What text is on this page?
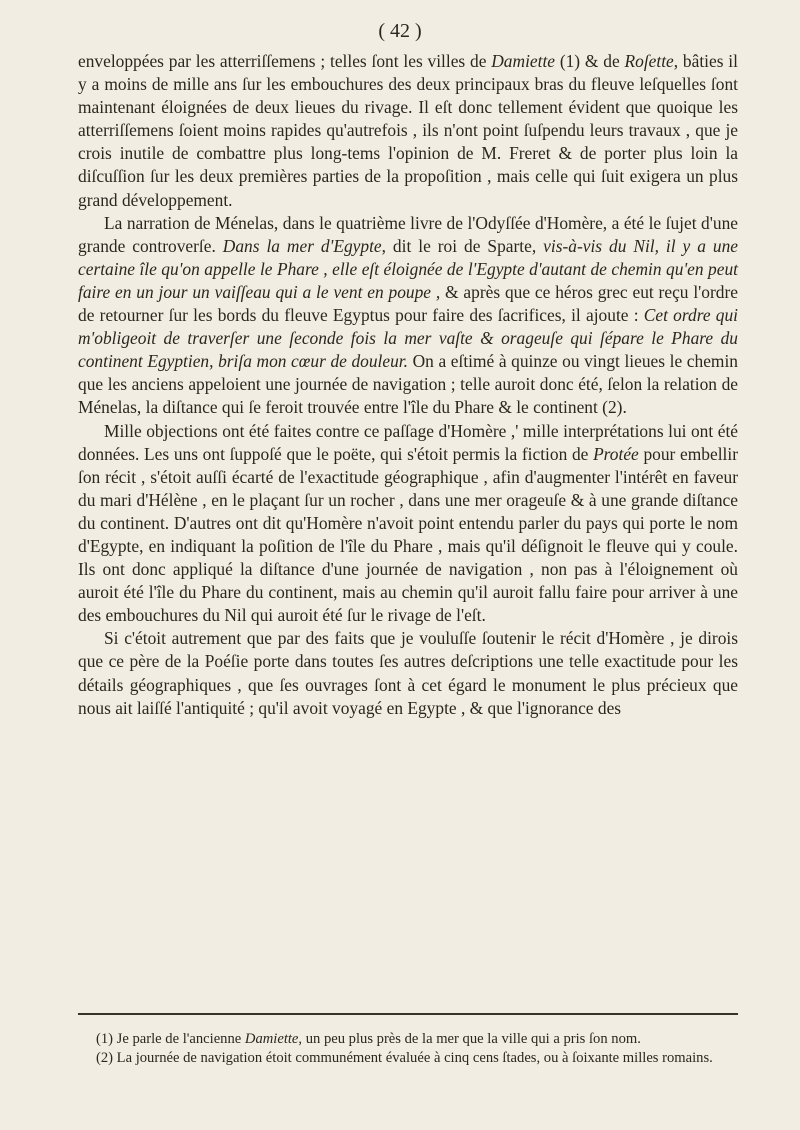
( 42 )

enveloppées par les atterriſſemens ; telles ſont les villes de Damiette (1) & de Roſette, bâties il y a moins de mille ans ſur les embouchures des deux principaux bras du fleuve leſquelles ſont maintenant éloignées de deux lieues du rivage. Il eſt donc tellement évident que quoique les atterriſſemens ſoient moins rapides qu'autrefois , ils n'ont point ſuſpendu leurs travaux , que je crois inutile de combattre plus long-tems l'opinion de M. Freret & de porter plus loin la diſcuſſion ſur les deux premières parties de la propoſition , mais celle qui ſuit exigera un plus grand développement.

La narration de Ménelas, dans le quatrième livre de l'Odyſſée d'Homère, a été le ſujet d'une grande controverſe. Dans la mer d'Egypte, dit le roi de Sparte, vis-à-vis du Nil, il y a une certaine île qu'on appelle le Phare , elle eſt éloignée de l'Egypte d'autant de chemin qu'en peut faire en un jour un vaiſſeau qui a le vent en poupe , & après que ce héros grec eut reçu l'ordre de retourner ſur les bords du fleuve Egyptus pour faire des ſacrifices, il ajoute : Cet ordre qui m'obligeoit de traverſer une ſeconde fois la mer vaſte & orageuſe qui ſépare le Phare du continent Egyptien, briſa mon cœur de douleur. On a eſtimé à quinze ou vingt lieues le chemin que les anciens appeloient une journée de navigation ; telle auroit donc été, ſelon la relation de Ménelas, la diſtance qui ſe feroit trouvée entre l'île du Phare & le continent (2).

Mille objections ont été faites contre ce paſſage d'Homère ,' mille interprétations lui ont été données. Les uns ont ſuppoſé que le poëte, qui s'étoit permis la fiction de Protée pour embellir ſon récit , s'étoit auſſi écarté de l'exactitude géographique , afin d'augmenter l'intérêt en faveur du mari d'Hélène , en le plaçant ſur un rocher , dans une mer orageuſe & à une grande diſtance du continent. D'autres ont dit qu'Homère n'avoit point entendu parler du pays qui porte le nom d'Egypte, en indiquant la poſition de l'île du Phare , mais qu'il déſignoit le fleuve qui y coule. Ils ont donc appliqué la diſtance d'une journée de navigation , non pas à l'éloignement où auroit été l'île du Phare du continent, mais au chemin qu'il auroit fallu faire pour arriver à une des embouchures du Nil qui auroit été ſur le rivage de l'eſt.

Si c'étoit autrement que par des faits que je vouluſſe ſoutenir le récit d'Homère , je dirois que ce père de la Poéſie porte dans toutes ſes autres deſcriptions une telle exactitude pour les détails géographiques , que ſes ouvrages ſont à cet égard le monument le plus précieux que nous ait laiſſé l'antiquité ; qu'il avoit voyagé en Egypte , & que l'ignorance des

(1) Je parle de l'ancienne Damiette, un peu plus près de la mer que la ville qui a pris ſon nom.

(2) La journée de navigation étoit communément évaluée à cinq cens ſtades, ou à ſoixante milles romains.
